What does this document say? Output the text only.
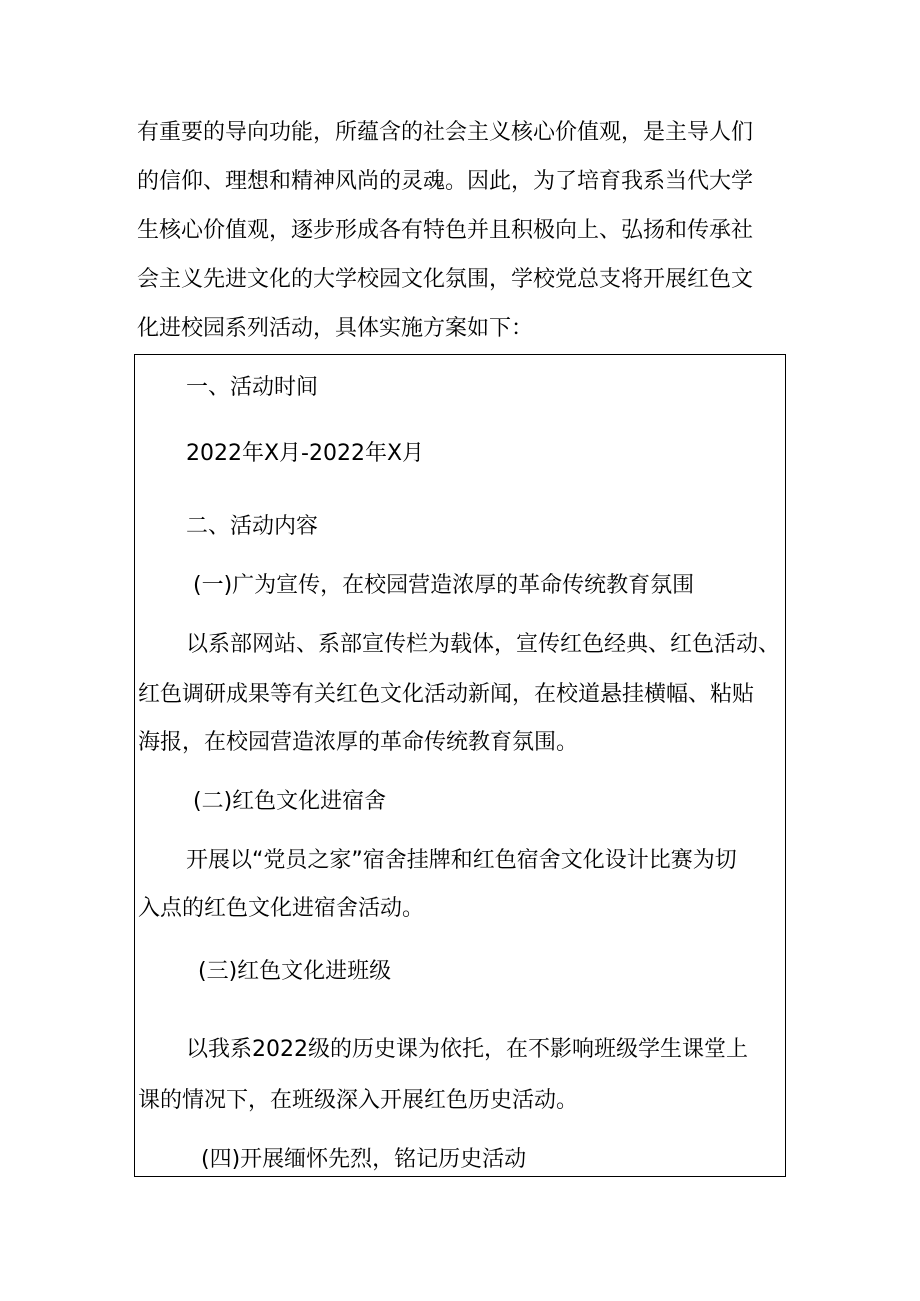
有重要的导向功能，所蕴含的社会主义核心价值观，是主导人们
的信仰、理想和精神风尚的灵魂。因此，为了培育我系当代大学
生核心价值观，逐步形成各有特色并且积极向上、弘扬和传承社
会主义先进文化的大学校园文化氛围，学校党总支将开展红色文
化进校园系列活动，具体实施方案如下：
一、活动时间
2022年X月-2022年X月
二、活动内容
(一)广为宣传，在校园营造浓厚的革命传统教育氛围
以系部网站、系部宣传栏为载体，宣传红色经典、红色活动、
红色调研成果等有关红色文化活动新闻，在校道悬挂横幅、粘贴
海报，在校园营造浓厚的革命传统教育氛围。
(二)红色文化进宿舍
开展以“党员之家”宿舍挂牌和红色宿舍文化设计比赛为切
入点的红色文化进宿舍活动。
(三)红色文化进班级
以我系2022级的历史课为依托，在不影响班级学生课堂上
课的情况下，在班级深入开展红色历史活动。
(四)开展缅怀先烈，铭记历史活动
